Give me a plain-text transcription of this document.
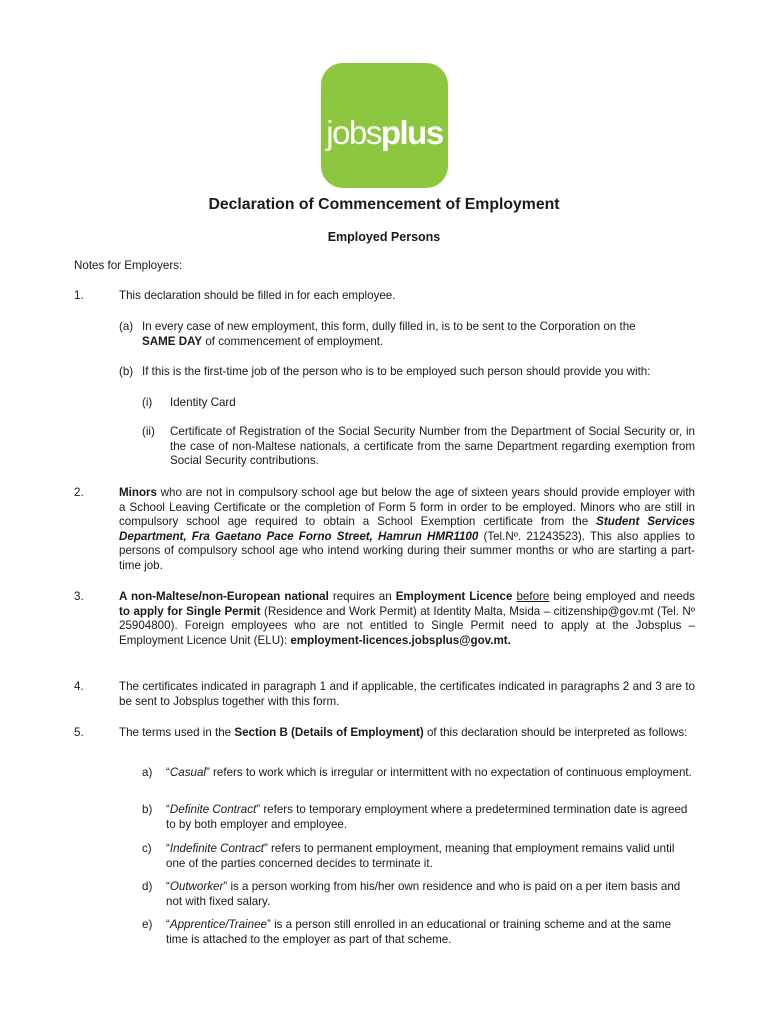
jobsplus
Declaration of Commencement of Employment
Employed Persons
Notes for Employers:
1.	This declaration should be filled in for each employee.
(a) In every case of new employment, this form, dully filled in, is to be sent to the Corporation on the
SAME DAY of commencement of employment.
(b) If this is the first-time job of the person who is to be employed such person should provide you with:
(i) Identity Card
(ii) Certificate of Registration of the Social Security Number from the Department of Social Security or, in the case of non-Maltese nationals, a certificate from the same Department regarding exemption from Social Security contributions.
2.	Minors who are not in compulsory school age but below the age of sixteen years should provide employer with a School Leaving Certificate or the completion of Form 5 form in order to be employed. Minors who are still in compulsory school age required to obtain a School Exemption certificate from the Student Services Department, Fra Gaetano Pace Forno Street, Hamrun HMR1100 (Tel.Nº. 21243523). This also applies to persons of compulsory school age who intend working during their summer months or who are starting a part-time job.
3.	A non-Maltese/non-European national requires an Employment Licence before being employed and needs to apply for Single Permit (Residence and Work Permit) at Identity Malta, Msida – citizenship@gov.mt (Tel. Nº 25904800). Foreign employees who are not entitled to Single Permit need to apply at the Jobsplus – Employment Licence Unit (ELU): employment-licences.jobsplus@gov.mt.
4.	The certificates indicated in paragraph 1 and if applicable, the certificates indicated in paragraphs 2 and 3 are to be sent to Jobsplus together with this form.
5.	The terms used in the Section B (Details of Employment) of this declaration should be interpreted as follows:
a) “Casual” refers to work which is irregular or intermittent with no expectation of continuous employment.
b) “Definite Contract” refers to temporary employment where a predetermined termination date is agreed to by both employer and employee.
c) “Indefinite Contract” refers to permanent employment, meaning that employment remains valid until one of the parties concerned decides to terminate it.
d) “Outworker” is a person working from his/her own residence and who is paid on a per item basis and not with fixed salary.
e) “Apprentice/Trainee” is a person still enrolled in an educational or training scheme and at the same time is attached to the employer as part of that scheme.
